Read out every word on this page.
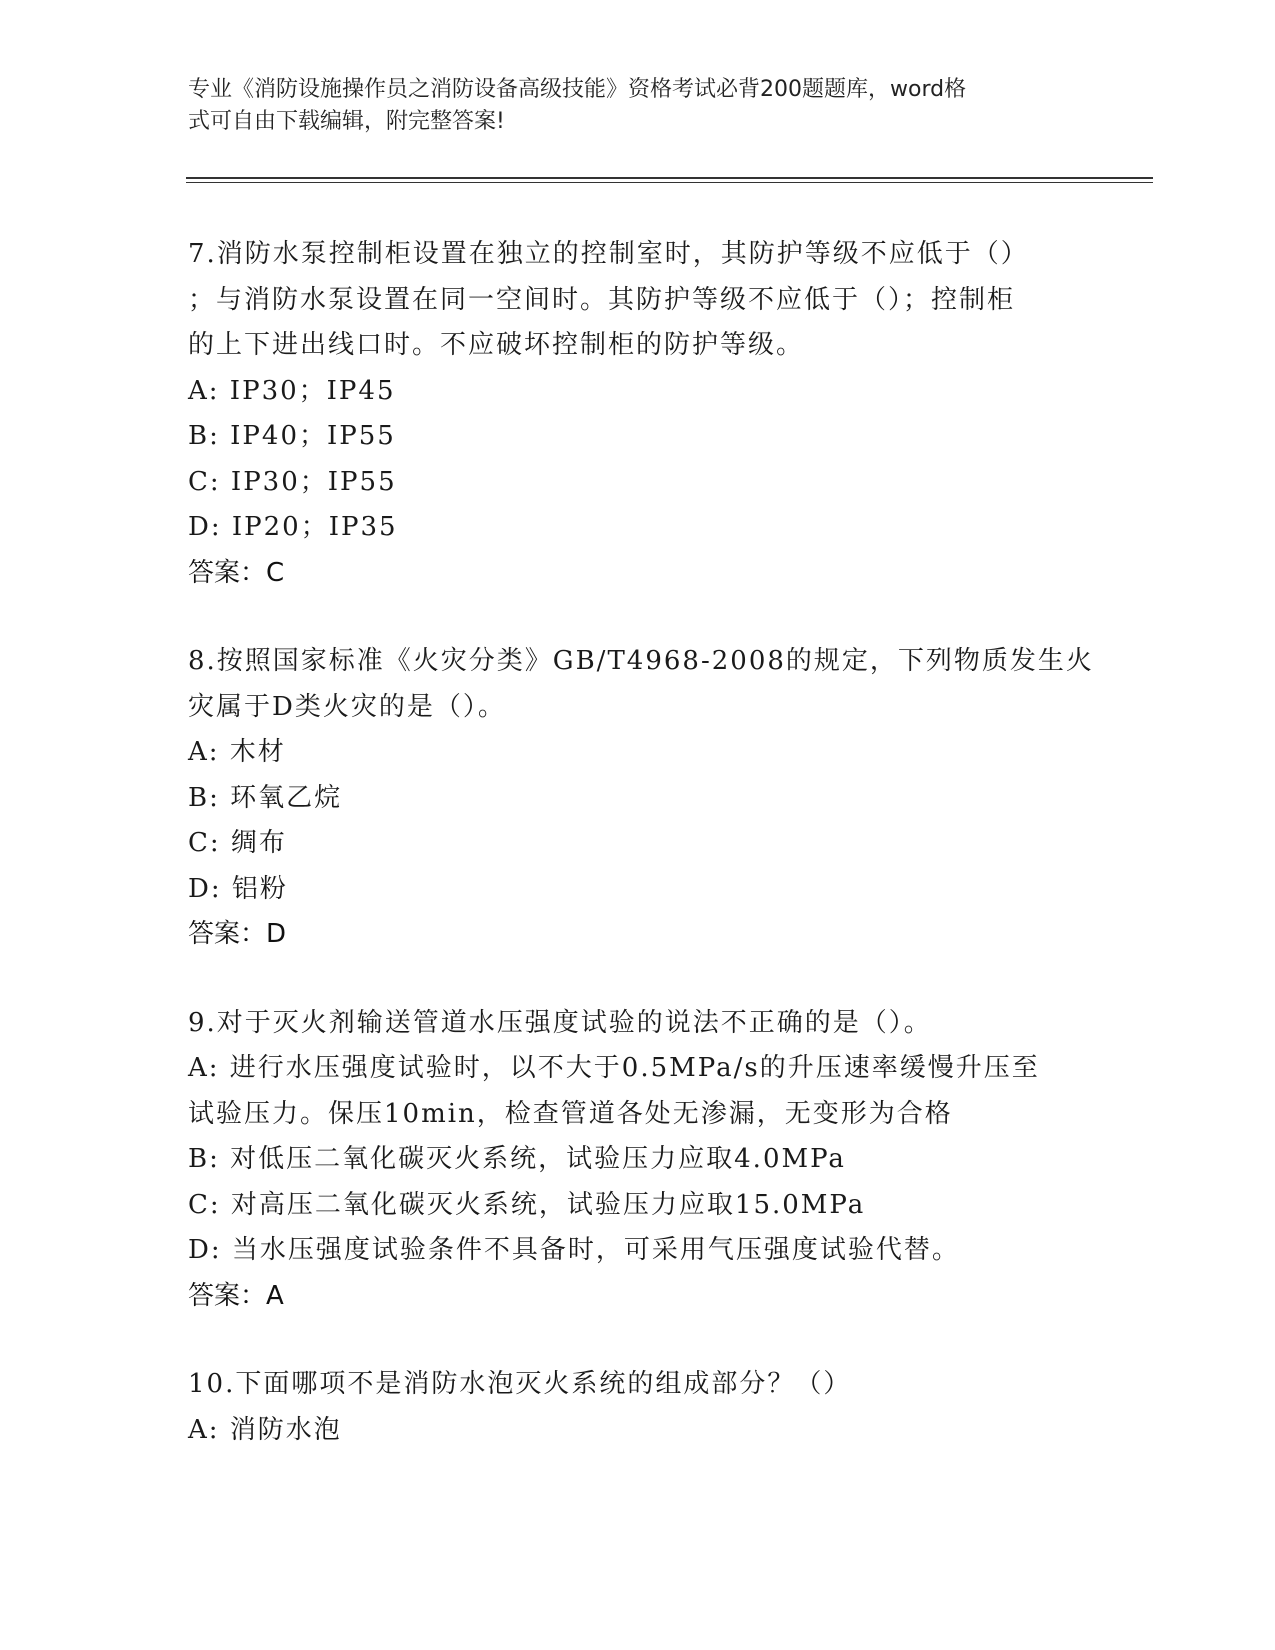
专业《消防设施操作员之消防设备高级技能》资格考试必背200题题库，word格
式可自由下载编辑，附完整答案!

7.消防水泵控制柜设置在独立的控制室时，其防护等级不应低于（）

；与消防水泵设置在同一空间时。其防护等级不应低于（）；控制柜

的上下进出线口时。不应破坏控制柜的防护等级。

A: IP30；IP45

B: IP40；IP55

C: IP30；IP55

D: IP20；IP35

答案：C

8.按照国家标准《火灾分类》GB/T4968-2008的规定，下列物质发生火

灾属于D类火灾的是（）。

A: 木材

B: 环氧乙烷

C: 绸布

D: 铝粉

答案：D

9.对于灭火剂输送管道水压强度试验的说法不正确的是（）。

A: 进行水压强度试验时，以不大于0.5MPa/s的升压速率缓慢升压至

试验压力。保压10min，检查管道各处无渗漏，无变形为合格

B: 对低压二氧化碳灭火系统，试验压力应取4.0MPa

C: 对高压二氧化碳灭火系统，试验压力应取15.0MPa

D: 当水压强度试验条件不具备时，可采用气压强度试验代替。

答案：A

10.下面哪项不是消防水泡灭火系统的组成部分？（）

A: 消防水泡
